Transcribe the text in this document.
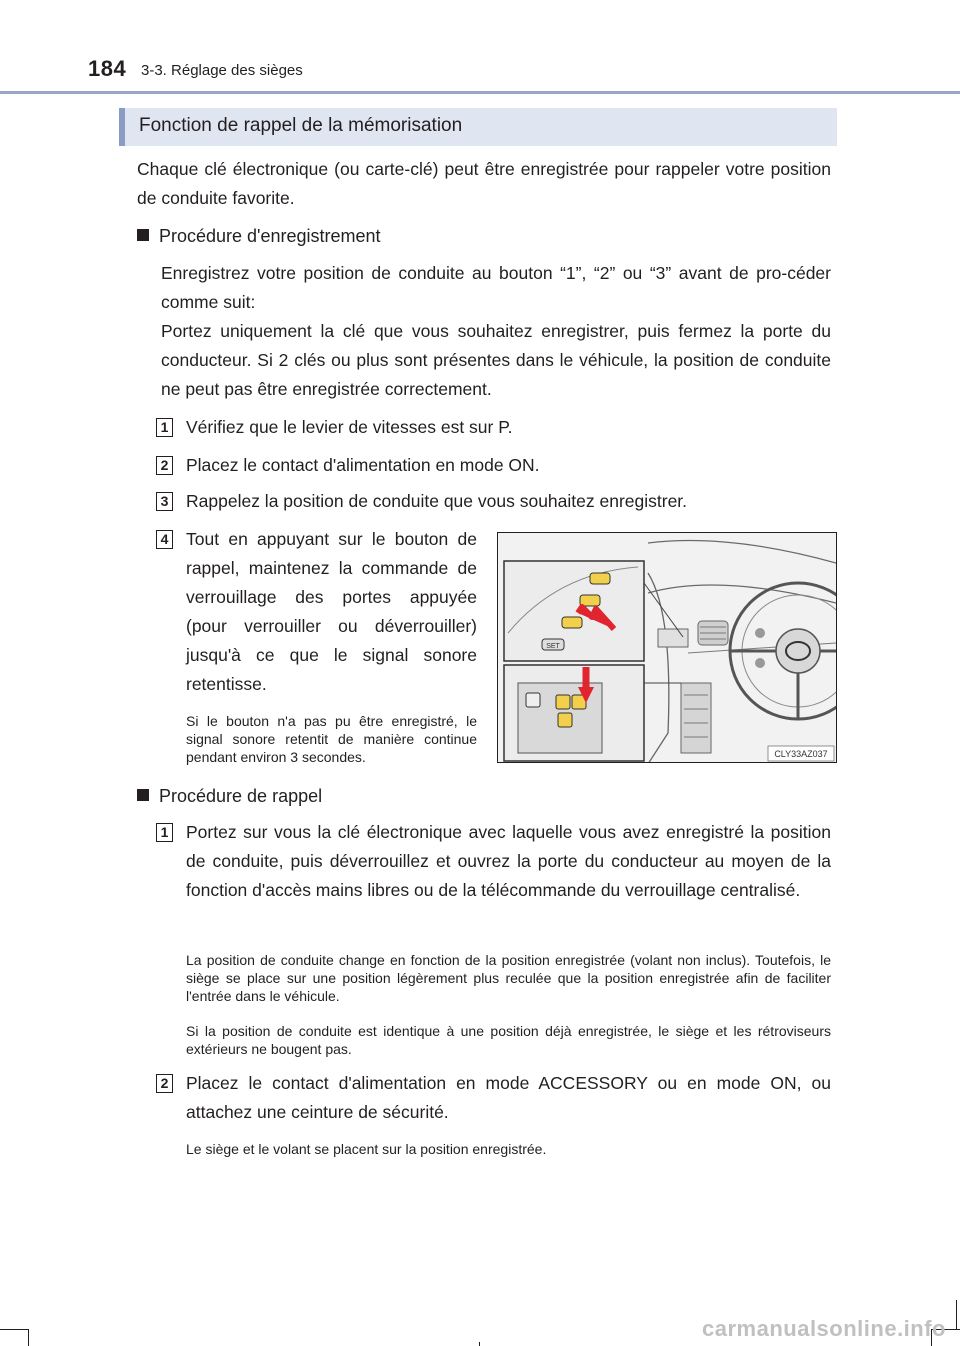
184 3-3. Réglage des sièges
Fonction de rappel de la mémorisation
Chaque clé électronique (ou carte-clé) peut être enregistrée pour rappeler votre position de conduite favorite.
Procédure d'enregistrement
Enregistrez votre position de conduite au bouton “1”, “2” ou “3” avant de pro-céder comme suit:
Portez uniquement la clé que vous souhaitez enregistrer, puis fermez la porte du conducteur. Si 2 clés ou plus sont présentes dans le véhicule, la position de conduite ne peut pas être enregistrée correctement.
1 Vérifiez que le levier de vitesses est sur P.
2 Placez le contact d'alimentation en mode ON.
3 Rappelez la position de conduite que vous souhaitez enregistrer.
4 Tout en appuyant sur le bouton de rappel, maintenez la commande de verrouillage des portes appuyée (pour verrouiller ou déverrouiller) jusqu'à ce que le signal sonore retentisse.
Si le bouton n'a pas pu être enregistré, le signal sonore retentit de manière continue pendant environ 3 secondes.
SET
CLY33AZ037
Procédure de rappel
1 Portez sur vous la clé électronique avec laquelle vous avez enregistré la position de conduite, puis déverrouillez et ouvrez la porte du conducteur au moyen de la fonction d'accès mains libres ou de la télécommande du verrouillage centralisé.
La position de conduite change en fonction de la position enregistrée (volant non inclus). Toutefois, le siège se place sur une position légèrement plus reculée que la position enregistrée afin de faciliter l'entrée dans le véhicule.
Si la position de conduite est identique à une position déjà enregistrée, le siège et les rétroviseurs extérieurs ne bougent pas.
2 Placez le contact d'alimentation en mode ACCESSORY ou en mode ON, ou attachez une ceinture de sécurité.
Le siège et le volant se placent sur la position enregistrée.
carmanualsonline.info
